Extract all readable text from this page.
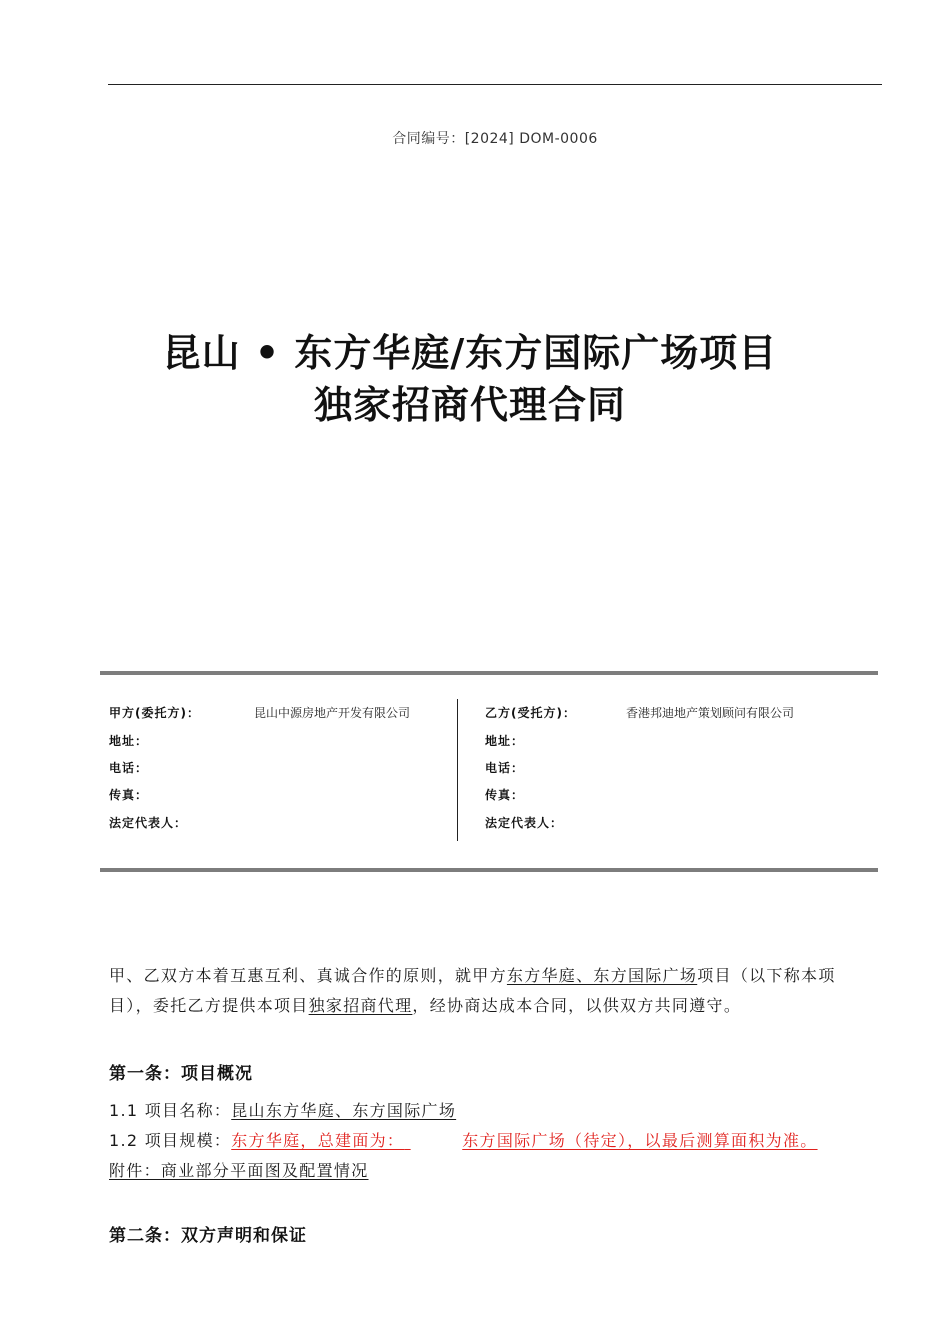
合同编号：[2024] DOM-0006
昆山 • 东方华庭/东方国际广场项目
独家招商代理合同
甲方(委托方)：	昆山中源房地产开发有限公司
地址：
电话：
传真：
法定代表人：
乙方(受托方)：	香港邦迪地产策划顾问有限公司
地址：
电话：
传真：
法定代表人：
甲、乙双方本着互惠互利、真诚合作的原则，就甲方东方华庭、东方国际广场项目（以下称本项
目），委托乙方提供本项目独家招商代理，经协商达成本合同，以供双方共同遵守。
第一条：项目概况
1.1 项目名称：昆山东方华庭、东方国际广场
1.2 项目规模：东方华庭，总建面为：	东方国际广场（待定），以最后测算面积为准。
附件：商业部分平面图及配置情况
第二条：双方声明和保证
